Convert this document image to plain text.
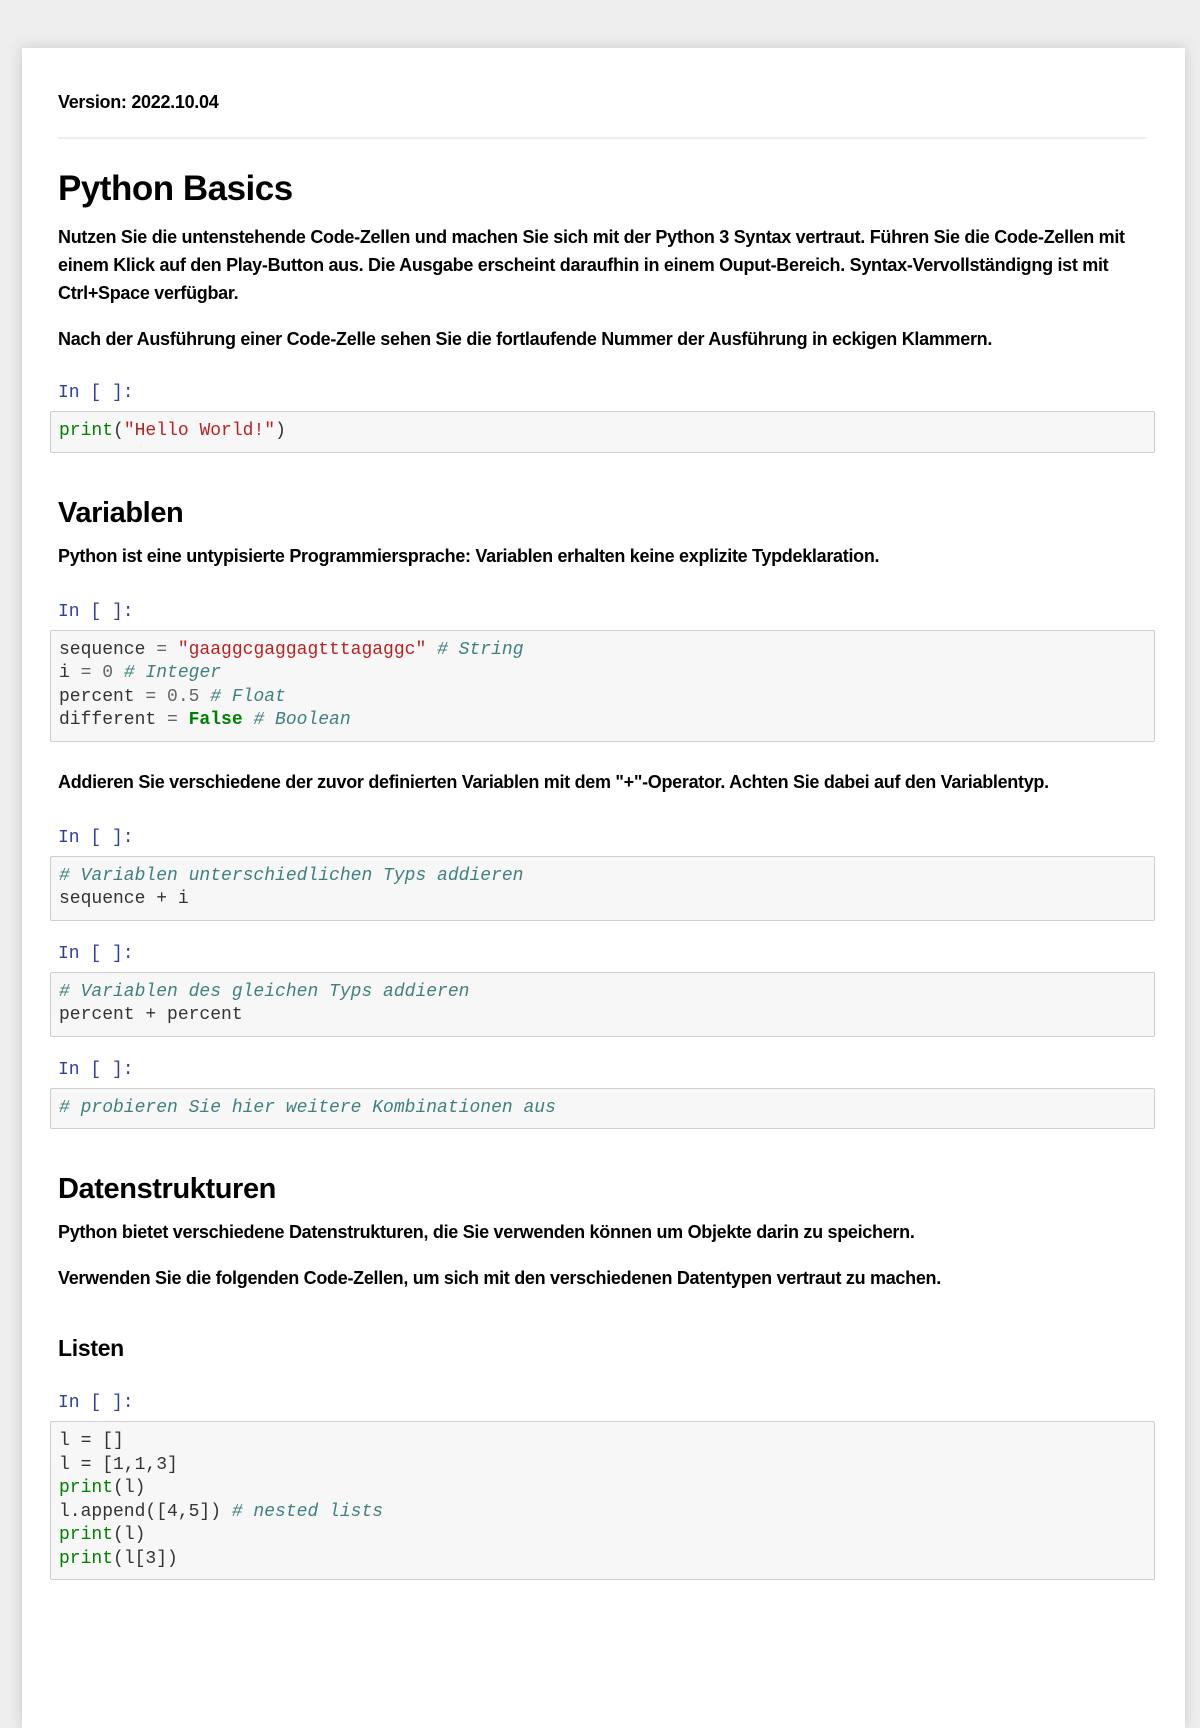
Version: 2022.10.04
Python Basics

Nutzen Sie die untenstehende Code-Zellen und machen Sie sich mit der Python 3 Syntax vertraut. Führen Sie die Code-Zellen mit einem Klick auf den Play-Button aus. Die Ausgabe erscheint daraufhin in einem Ouput-Bereich. Syntax-Vervollständigng ist mit Ctrl+Space verfügbar.

Nach der Ausführung einer Code-Zelle sehen Sie die fortlaufende Nummer der Ausführung in eckigen Klammern.

In [ ]:
print("Hello World!")
Variablen

Python ist eine untypisierte Programmiersprache: Variablen erhalten keine explizite Typdeklaration.

In [ ]:
sequence = "gaaggcgaggagtttagaggc" # String
i = 0 # Integer
percent = 0.5 # Float
different = False # Boolean

Addieren Sie verschiedene der zuvor definierten Variablen mit dem "+"-Operator. Achten Sie dabei auf den Variablentyp.

In [ ]:
# Variablen unterschiedlichen Typs addieren
sequence + i
In [ ]:
# Variablen des gleichen Typs addieren
percent + percent
In [ ]:
# probieren Sie hier weitere Kombinationen aus
Datenstrukturen

Python bietet verschiedene Datenstrukturen, die Sie verwenden können um Objekte darin zu speichern.

Verwenden Sie die folgenden Code-Zellen, um sich mit den verschiedenen Datentypen vertraut zu machen.

Listen
In [ ]:
l = []
l = [1,1,3]
print(l)
l.append([4,5]) # nested lists
print(l)
print(l[3])
